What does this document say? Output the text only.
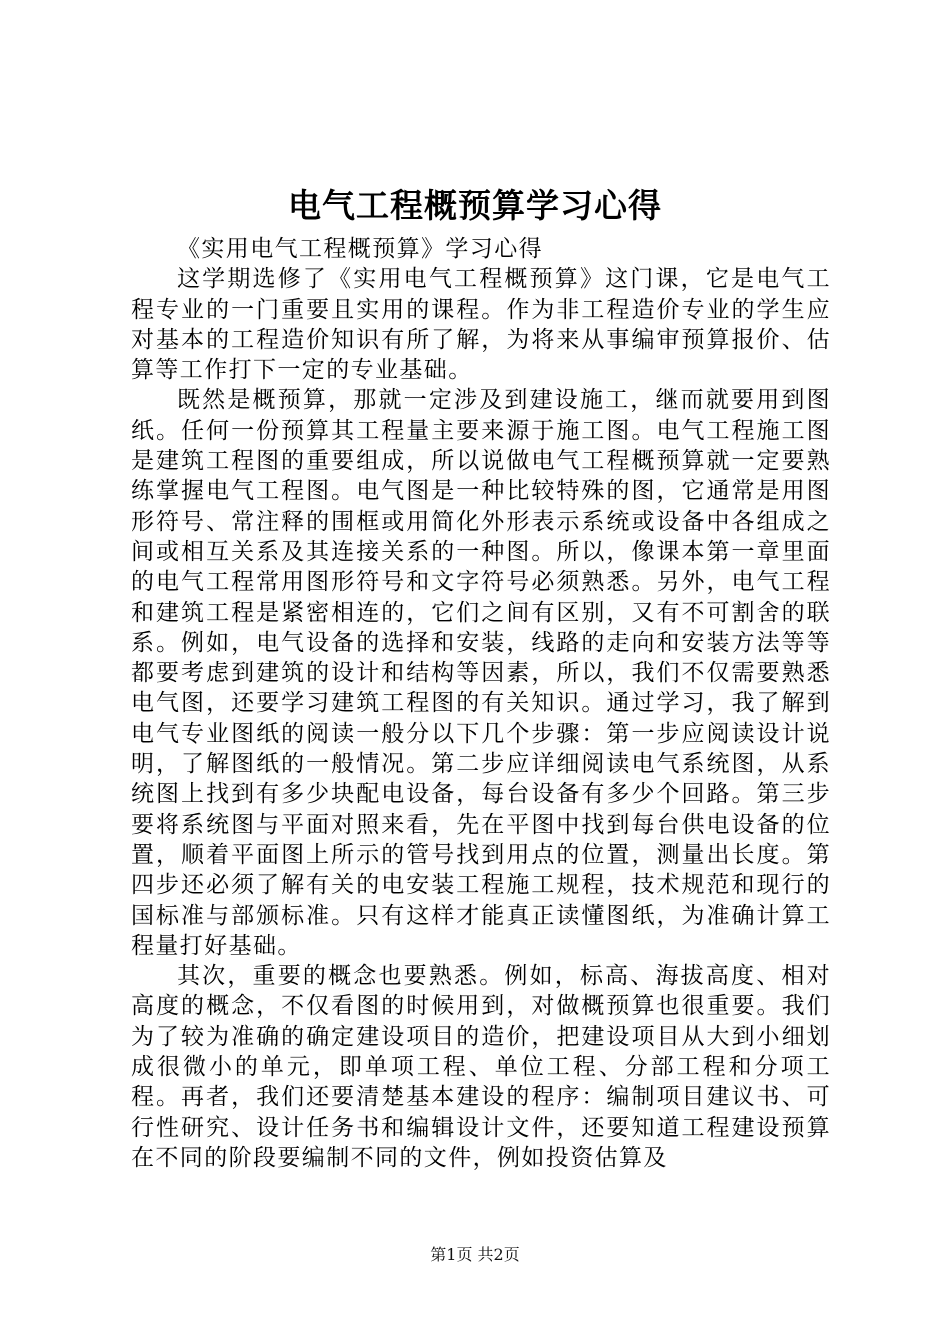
电气工程概预算学习心得

《实用电气工程概预算》学习心得

这学期选修了《实用电气工程概预算》这门课，它是电气工程专业的一门重要且实用的课程。作为非工程造价专业的学生应对基本的工程造价知识有所了解，为将来从事编审预算报价、估算等工作打下一定的专业基础。

既然是概预算，那就一定涉及到建设施工，继而就要用到图纸。任何一份预算其工程量主要来源于施工图。电气工程施工图是建筑工程图的重要组成，所以说做电气工程概预算就一定要熟练掌握电气工程图。电气图是一种比较特殊的图，它通常是用图形符号、常注释的围框或用简化外形表示系统或设备中各组成之间或相互关系及其连接关系的一种图。所以，像课本第一章里面的电气工程常用图形符号和文字符号必须熟悉。另外，电气工程和建筑工程是紧密相连的，它们之间有区别，又有不可割舍的联系。例如，电气设备的选择和安装，线路的走向和安装方法等等都要考虑到建筑的设计和结构等因素，所以，我们不仅需要熟悉电气图，还要学习建筑工程图的有关知识。通过学习，我了解到电气专业图纸的阅读一般分以下几个步骤：第一步应阅读设计说明，了解图纸的一般情况。第二步应详细阅读电气系统图，从系统图上找到有多少块配电设备，每台设备有多少个回路。第三步要将系统图与平面对照来看，先在平图中找到每台供电设备的位置，顺着平面图上所示的管号找到用点的位置，测量出长度。第四步还必须了解有关的电安装工程施工规程，技术规范和现行的国标准与部颁标准。只有这样才能真正读懂图纸，为准确计算工程量打好基础。

其次，重要的概念也要熟悉。例如，标高、海拔高度、相对高度的概念，不仅看图的时候用到，对做概预算也很重要。我们为了较为准确的确定建设项目的造价，把建设项目从大到小细划成很微小的单元，即单项工程、单位工程、分部工程和分项工程。再者，我们还要清楚基本建设的程序：编制项目建议书、可行性研究、设计任务书和编辑设计文件，还要知道工程建设预算在不同的阶段要编制不同的文件，例如投资估算及

第1页 共2页
